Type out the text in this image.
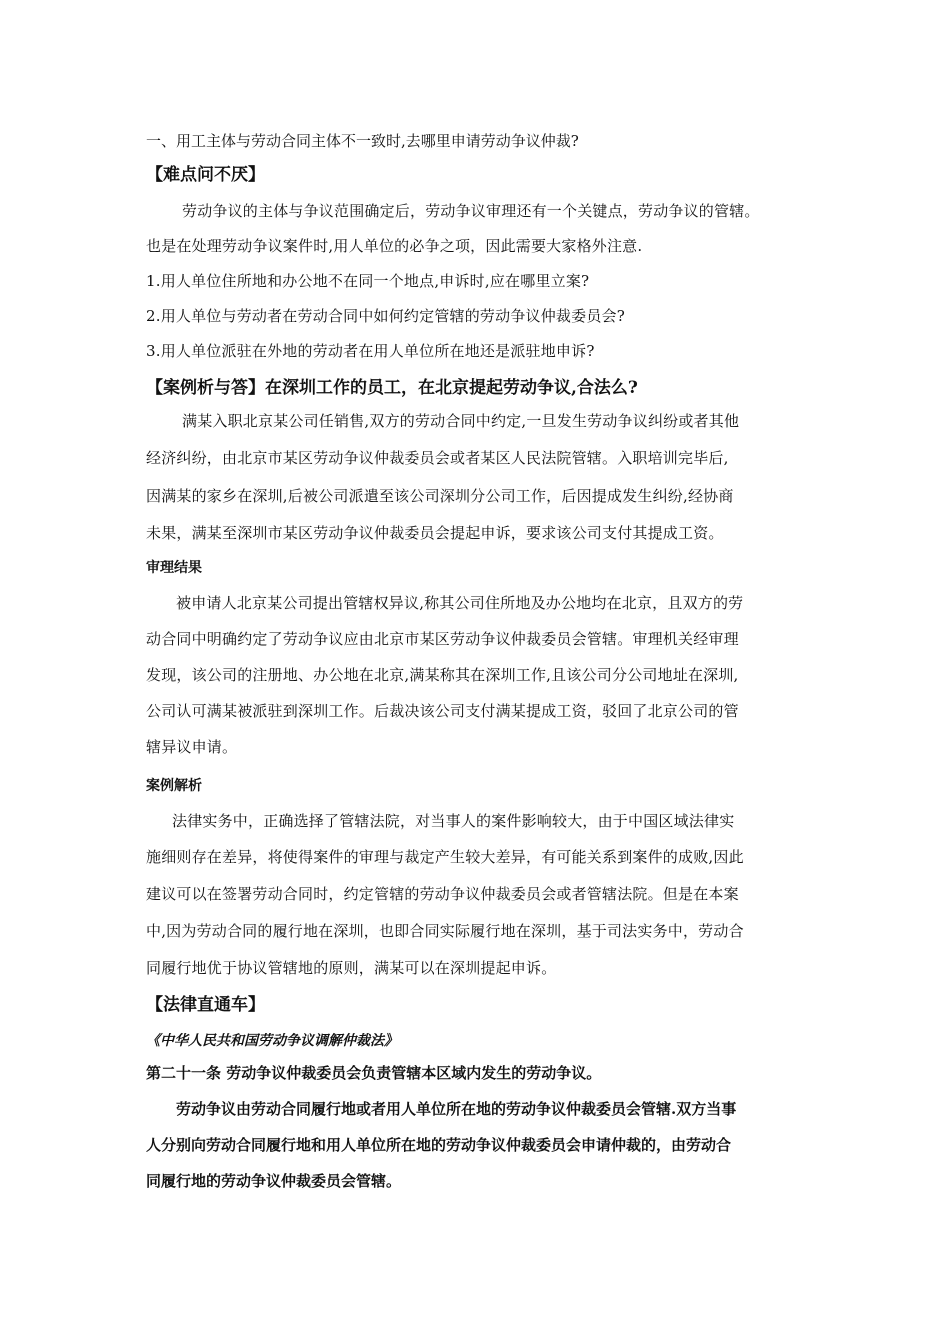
一、用工主体与劳动合同主体不一致时,去哪里申请劳动争议仲裁?

【难点问不厌】

劳动争议的主体与争议范围确定后，劳动争议审理还有一个关键点，劳动争议的管辖。

也是在处理劳动争议案件时,用人单位的必争之项，因此需要大家格外注意.

1.用人单位住所地和办公地不在同一个地点,申诉时,应在哪里立案?

2.用人单位与劳动者在劳动合同中如何约定管辖的劳动争议仲裁委员会?

3.用人单位派驻在外地的劳动者在用人单位所在地还是派驻地申诉?

【案例析与答】在深圳工作的员工，在北京提起劳动争议,合法么?

满某入职北京某公司任销售,双方的劳动合同中约定,一旦发生劳动争议纠纷或者其他

经济纠纷，由北京市某区劳动争议仲裁委员会或者某区人民法院管辖。入职培训完毕后,

因满某的家乡在深圳,后被公司派遣至该公司深圳分公司工作，后因提成发生纠纷,经协商

未果，满某至深圳市某区劳动争议仲裁委员会提起申诉，要求该公司支付其提成工资。

审理结果

被申请人北京某公司提出管辖权异议,称其公司住所地及办公地均在北京，且双方的劳

动合同中明确约定了劳动争议应由北京市某区劳动争议仲裁委员会管辖。审理机关经审理

发现，该公司的注册地、办公地在北京,满某称其在深圳工作,且该公司分公司地址在深圳,

公司认可满某被派驻到深圳工作。后裁决该公司支付满某提成工资，驳回了北京公司的管

辖异议申请。

案例解析

法律实务中，正确选择了管辖法院，对当事人的案件影响较大，由于中国区域法律实

施细则存在差异，将使得案件的审理与裁定产生较大差异，有可能关系到案件的成败,因此

建议可以在签署劳动合同时，约定管辖的劳动争议仲裁委员会或者管辖法院。但是在本案

中,因为劳动合同的履行地在深圳，也即合同实际履行地在深圳，基于司法实务中，劳动合

同履行地优于协议管辖地的原则，满某可以在深圳提起申诉。

【法律直通车】

《中华人民共和国劳动争议调解仲裁法》

第二十一条 劳动争议仲裁委员会负责管辖本区域内发生的劳动争议。

劳动争议由劳动合同履行地或者用人单位所在地的劳动争议仲裁委员会管辖.双方当事

人分别向劳动合同履行地和用人单位所在地的劳动争议仲裁委员会申请仲裁的，由劳动合

同履行地的劳动争议仲裁委员会管辖。
